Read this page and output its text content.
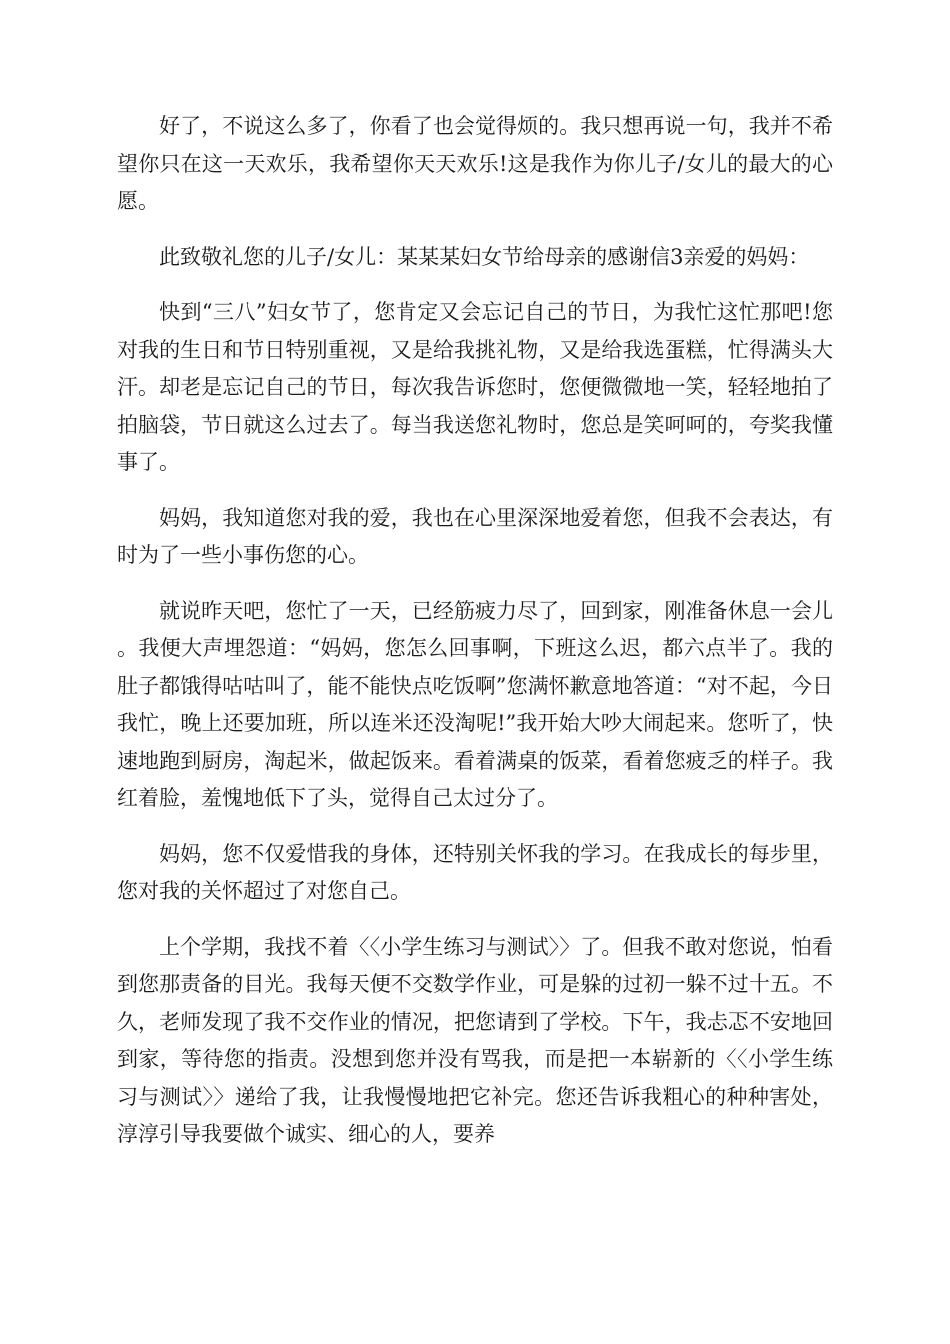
好了，不说这么多了，你看了也会觉得烦的。我只想再说一句，我并不希望你只在这一天欢乐，我希望你天天欢乐!这是我作为你儿子/女儿的最大的心愿。

此致敬礼您的儿子/女儿：某某某妇女节给母亲的感谢信3亲爱的妈妈：

快到“三八”妇女节了，您肯定又会忘记自己的节日，为我忙这忙那吧!您对我的生日和节日特别重视，又是给我挑礼物，又是给我选蛋糕，忙得满头大汗。却老是忘记自己的节日，每次我告诉您时，您便微微地一笑，轻轻地拍了拍脑袋，节日就这么过去了。每当我送您礼物时，您总是笑呵呵的，夸奖我懂事了。

妈妈，我知道您对我的爱，我也在心里深深地爱着您，但我不会表达，有时为了一些小事伤您的心。

就说昨天吧，您忙了一天，已经筋疲力尽了，回到家，刚准备休息一会儿。我便大声埋怨道：“妈妈，您怎么回事啊，下班这么迟，都六点半了。我的肚子都饿得咕咕叫了，能不能快点吃饭啊”您满怀歉意地答道：“对不起，今日我忙，晚上还要加班，所以连米还没淘呢!”我开始大吵大闹起来。您听了，快速地跑到厨房，淘起米，做起饭来。看着满桌的饭菜，看着您疲乏的样子。我红着脸，羞愧地低下了头，觉得自己太过分了。

妈妈，您不仅爱惜我的身体，还特别关怀我的学习。在我成长的每步里，您对我的关怀超过了对您自己。

上个学期，我找不着〈〈小学生练习与测试〉〉了。但我不敢对您说，怕看到您那责备的目光。我每天便不交数学作业，可是躲的过初一躲不过十五。不久，老师发现了我不交作业的情况，把您请到了学校。下午，我忐忑不安地回到家，等待您的指责。没想到您并没有骂我，而是把一本崭新的〈〈小学生练习与测试〉〉递给了我，让我慢慢地把它补完。您还告诉我粗心的种种害处，淳淳引导我要做个诚实、细心的人，要养
